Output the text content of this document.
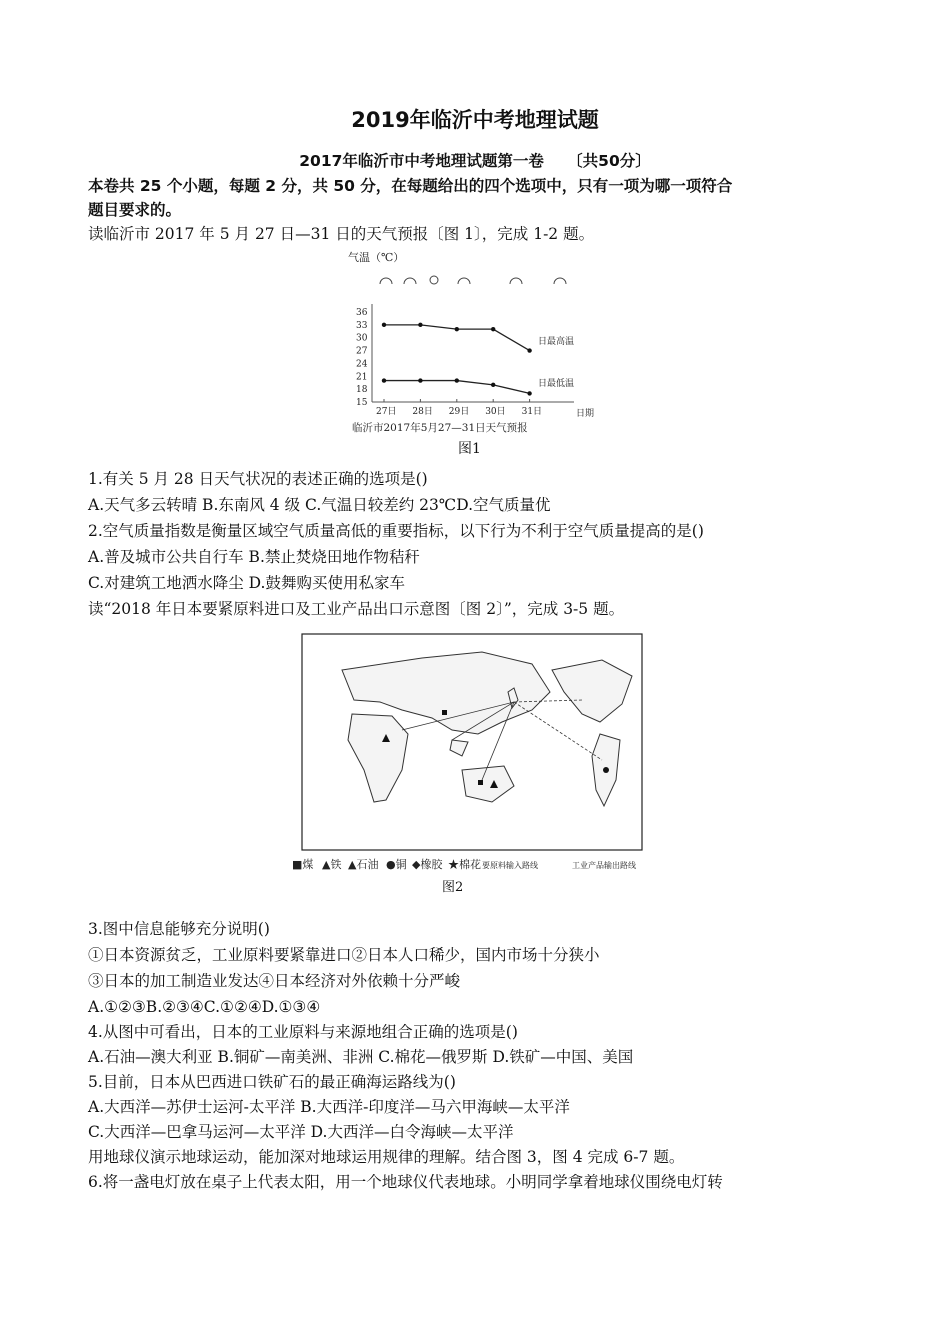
2019年临沂中考地理试题
2017年临沂市中考地理试题第一卷　　〔共50分〕
本卷共 25 个小题，每题 2 分，共 50 分，在每题给出的四个选项中，只有一项为哪一项符合
题目要求的。
读临沂市 2017 年 5 月 27 日—31 日的天气预报〔图 1〕，完成 1-2 题。
气温（℃）
15
18
21
24
27
30
33
36
27日 28日 29日 30日 31日
日最高温
日最低温
日期
临沂市2017年5月27—31日天气预报
图1
1.有关 5 月 28 日天气状况的表述正确的选项是()
A.天气多云转晴 B.东南风 4 级 C.气温日较差约 23℃D.空气质量优
2.空气质量指数是衡量区域空气质量高低的重要指标，以下行为不利于空气质量提高的是()
A.普及城市公共自行车 B.禁止焚烧田地作物秸秆
C.对建筑工地洒水降尘 D.鼓舞购买使用私家车
读“2018 年日本要紧原料进口及工业产品出口示意图〔图 2〕”，完成 3-5 题。
■煤 ▲铁 ▲石油 ●铜 ◆橡胶 ★棉花 要原料输入路线	工业产品输出路线
图2
3.图中信息能够充分说明()
①日本资源贫乏，工业原料要紧靠进口②日本人口稀少，国内市场十分狭小
③日本的加工制造业发达④日本经济对外依赖十分严峻
A.①②③B.②③④C.①②④D.①③④
4.从图中可看出，日本的工业原料与来源地组合正确的选项是()
A.石油—澳大利亚 B.铜矿—南美洲、非洲 C.棉花—俄罗斯 D.铁矿—中国、美国
5.目前，日本从巴西进口铁矿石的最正确海运路线为()
A.大西洋—苏伊士运河-太平洋 B.大西洋-印度洋—马六甲海峡—太平洋
C.大西洋—巴拿马运河—太平洋 D.大西洋—白令海峡—太平洋
用地球仪演示地球运动，能加深对地球运用规律的理解。结合图 3，图 4 完成 6-7 题。
6.将一盏电灯放在桌子上代表太阳，用一个地球仪代表地球。小明同学拿着地球仪围绕电灯转
